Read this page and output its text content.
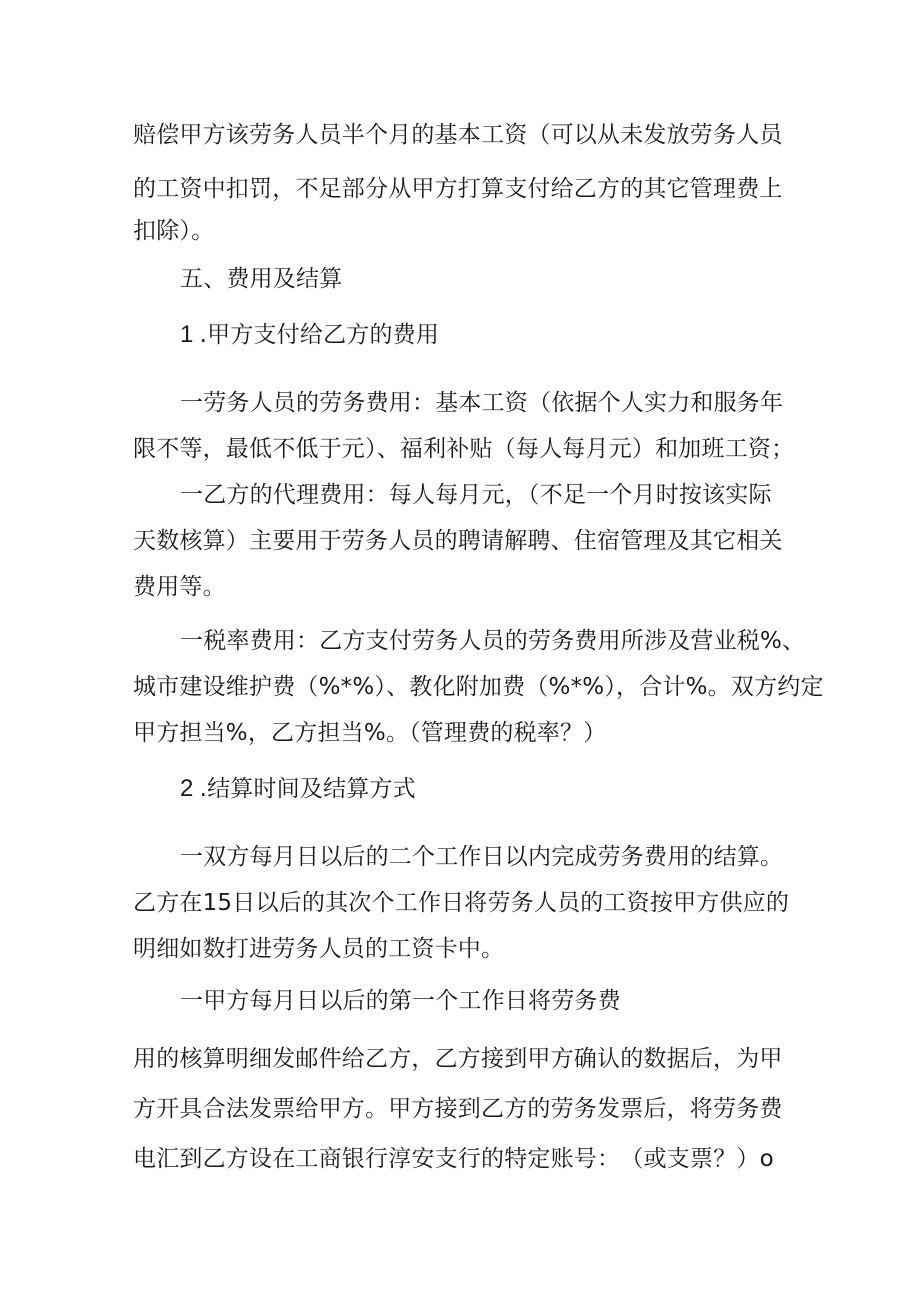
赔偿甲方该劳务人员半个月的基本工资（可以从未发放劳务人员
的工资中扣罚，不足部分从甲方打算支付给乙方的其它管理费上
扣除）。
五、费用及结算
1 .甲方支付给乙方的费用
一劳务人员的劳务费用：基本工资（依据个人实力和服务年
限不等，最低不低于元）、福利补贴（每人每月元）和加班工资；
一乙方的代理费用：每人每月元，（不足一个月时按该实际
天数核算）主要用于劳务人员的聘请解聘、住宿管理及其它相关
费用等。
一税率费用：乙方支付劳务人员的劳务费用所涉及营业税%、
城市建设维护费（%*%）、教化附加费（%*%），合计%。双方约定
甲方担当%，乙方担当%。（管理费的税率？）
2 .结算时间及结算方式
一双方每月日以后的二个工作日以内完成劳务费用的结算。
乙方在15日以后的其次个工作日将劳务人员的工资按甲方供应的
明细如数打进劳务人员的工资卡中。
一甲方每月日以后的第一个工作日将劳务费
用的核算明细发邮件给乙方，乙方接到甲方确认的数据后，为甲
方开具合法发票给甲方。甲方接到乙方的劳务发票后，将劳务费
电汇到乙方设在工商银行淳安支行的特定账号：　（或支票？）o
